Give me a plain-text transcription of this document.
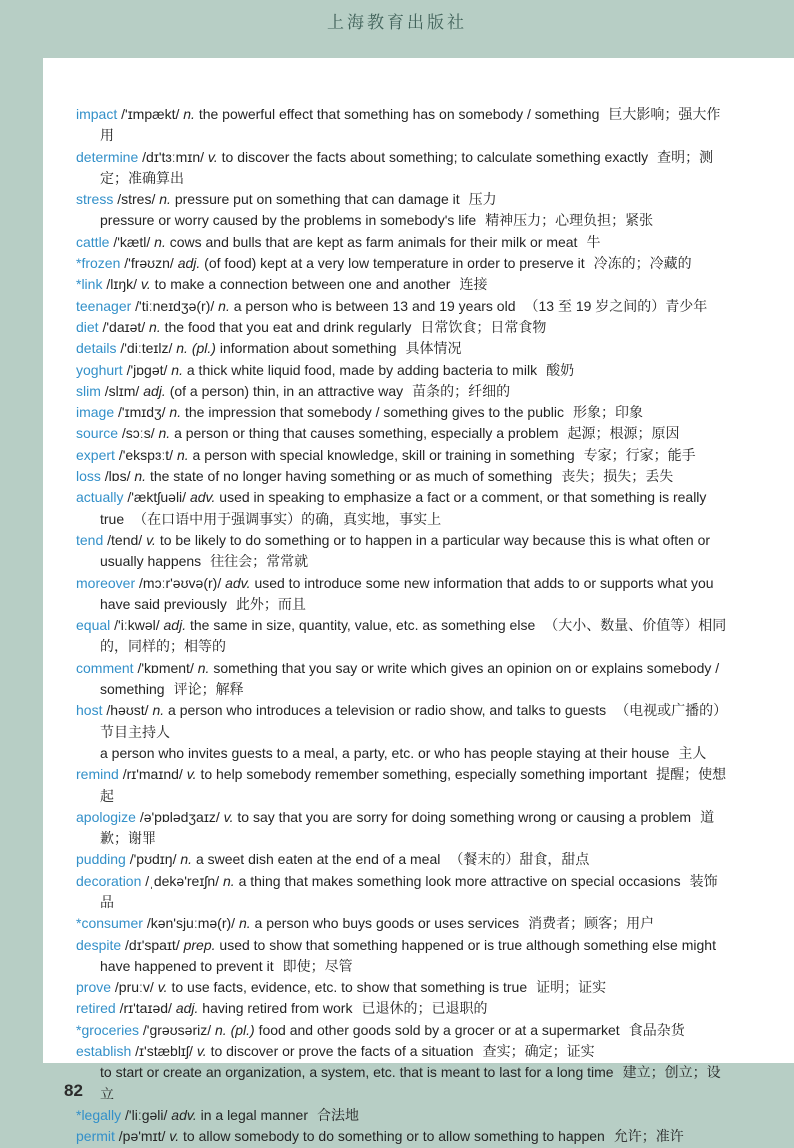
上海教育出版社
impact /'ɪmpækt/ n. the powerful effect that something has on somebody / something 巨大影响；强大作用
determine /dɪ'tɜːmɪn/ v. to discover the facts about something; to calculate something exactly 查明；测定；准确算出
stress /stres/ n. pressure put on something that can damage it 压力
pressure or worry caused by the problems in somebody's life 精神压力；心理负担；紧张
cattle /'kætl/ n. cows and bulls that are kept as farm animals for their milk or meat 牛
*frozen /'frəʊzn/ adj. (of food) kept at a very low temperature in order to preserve it 冷冻的；冷藏的
*link /lɪŋk/ v. to make a connection between one and another 连接
teenager /'tiːneɪdʒə(r)/ n. a person who is between 13 and 19 years old （13 至 19 岁之间的）青少年
diet /'daɪət/ n. the food that you eat and drink regularly 日常饮食；日常食物
details /'diːteɪlz/ n. (pl.) information about something 具体情况
yoghurt /'jɒgət/ n. a thick white liquid food, made by adding bacteria to milk 酸奶
slim /slɪm/ adj. (of a person) thin, in an attractive way 苗条的；纤细的
image /'ɪmɪdʒ/ n. the impression that somebody / something gives to the public 形象；印象
source /sɔːs/ n. a person or thing that causes something, especially a problem 起源；根源；原因
expert /'ekspɜːt/ n. a person with special knowledge, skill or training in something 专家；行家；能手
loss /lɒs/ n. the state of no longer having something or as much of something 丧失；损失；丢失
actually /'æktʃuəli/ adv. used in speaking to emphasize a fact or a comment, or that something is really true （在口语中用于强调事实）的确，真实地，事实上
tend /tend/ v. to be likely to do something or to happen in a particular way because this is what often or usually happens 往往会；常常就
moreover /mɔːr'əʊvə(r)/ adv. used to introduce some new information that adds to or supports what you have said previously 此外；而且
equal /'iːkwəl/ adj. the same in size, quantity, value, etc. as something else （大小、数量、价值等）相同的，同样的；相等的
comment /'kɒment/ n. something that you say or write which gives an opinion on or explains somebody / something 评论；解释
host /həʊst/ n. a person who introduces a television or radio show, and talks to guests （电视或广播的）节目主持人
a person who invites guests to a meal, a party, etc. or who has people staying at their house 主人
remind /rɪ'maɪnd/ v. to help somebody remember something, especially something important 提醒；使想起
apologize /ə'pɒlədʒaɪz/ v. to say that you are sorry for doing something wrong or causing a problem 道歉；谢罪
pudding /'pʊdɪŋ/ n. a sweet dish eaten at the end of a meal （餐末的）甜食，甜点
decoration /ˌdekə'reɪʃn/ n. a thing that makes something look more attractive on special occasions 装饰品
*consumer /kən'sjuːmə(r)/ n. a person who buys goods or uses services 消费者；顾客；用户
despite /dɪ'spaɪt/ prep. used to show that something happened or is true although something else might have happened to prevent it 即使；尽管
prove /pruːv/ v. to use facts, evidence, etc. to show that something is true 证明；证实
retired /rɪ'taɪəd/ adj. having retired from work 已退休的；已退职的
*groceries /'grəʊsəriz/ n. (pl.) food and other goods sold by a grocer or at a supermarket 食品杂货
establish /ɪ'stæblɪʃ/ v. to discover or prove the facts of a situation 查实；确定；证实
to start or create an organization, a system, etc. that is meant to last for a long time 建立；创立；设立
*legally /'liːgəli/ adv. in a legal manner 合法地
permit /pə'mɪt/ v. to allow somebody to do something or to allow something to happen 允许；准许
82
